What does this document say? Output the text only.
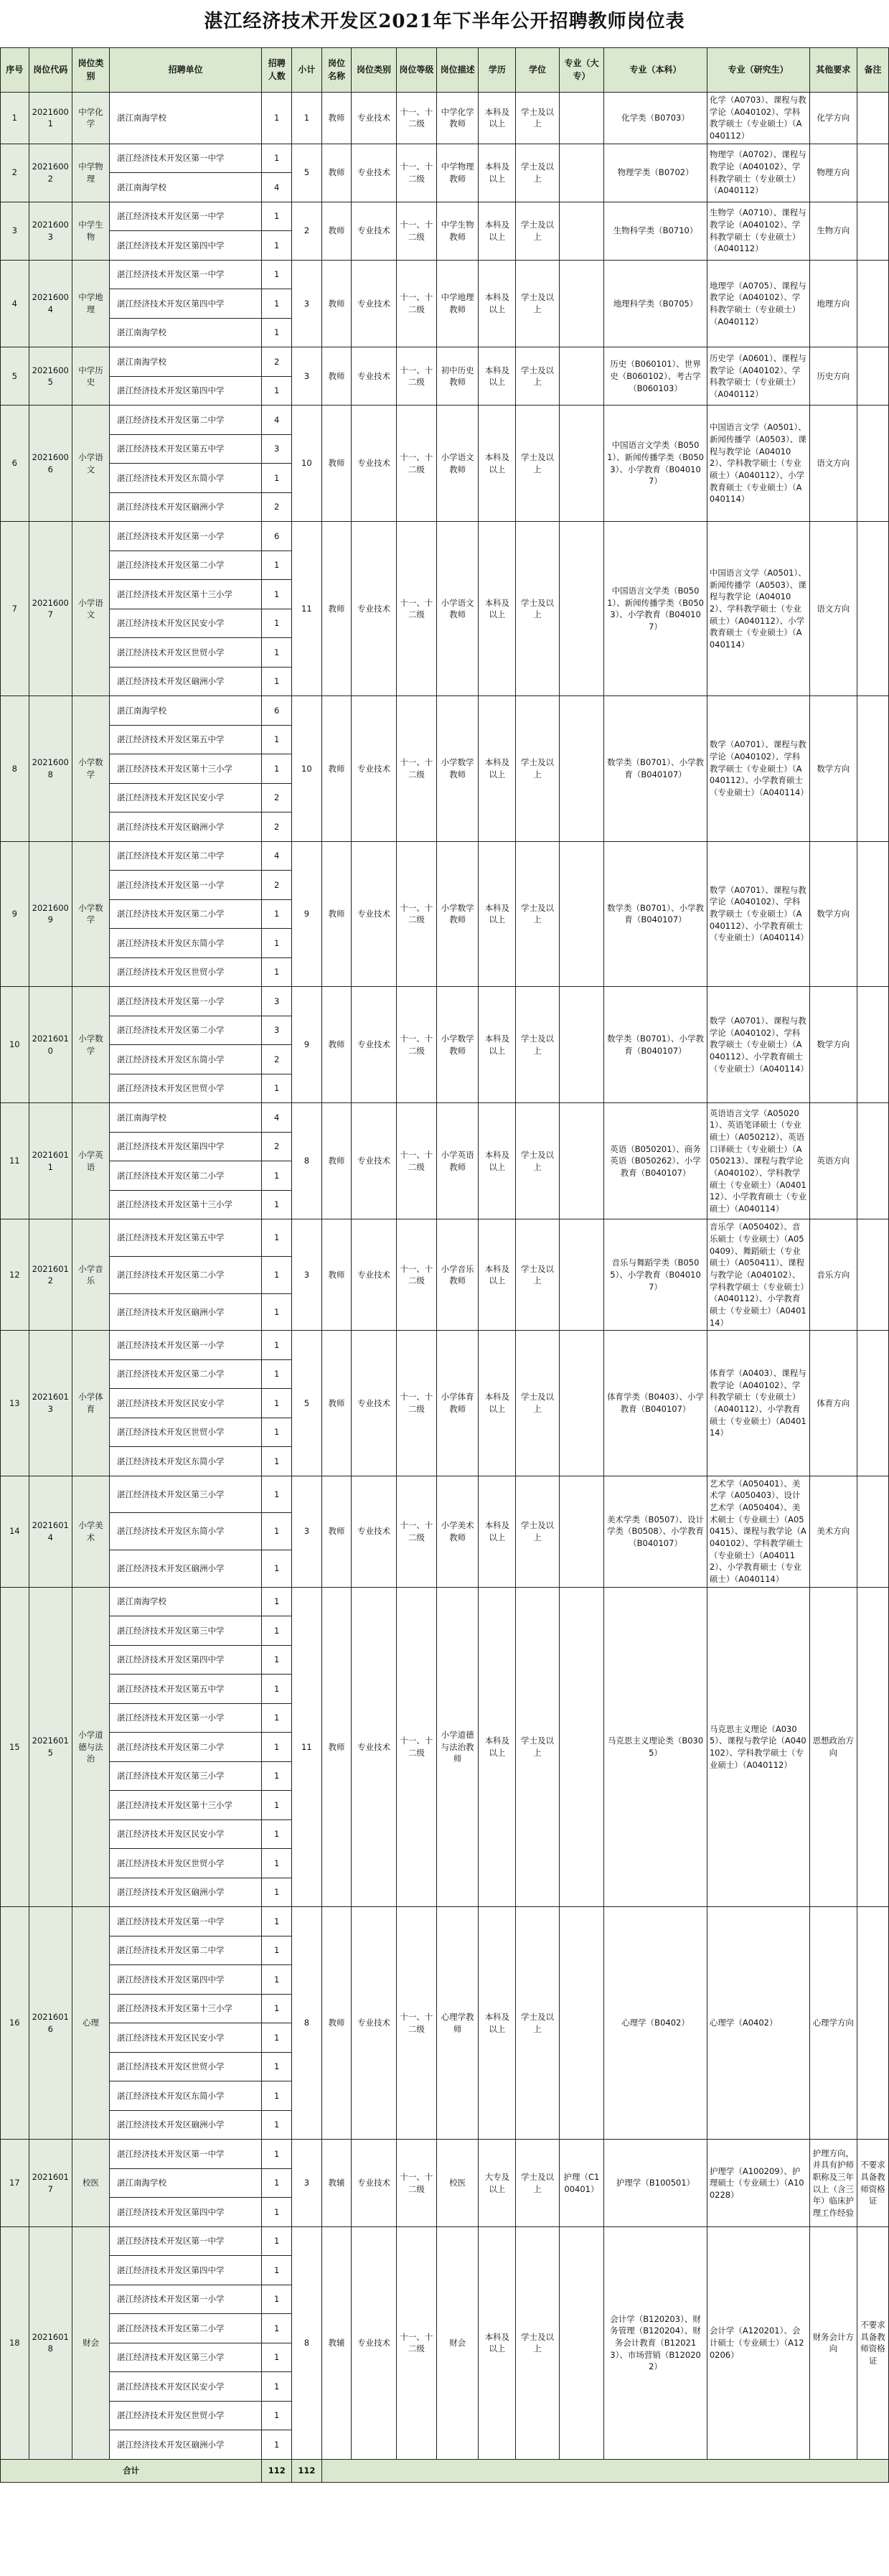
湛江经济技术开发区2021年下半年公开招聘教师岗位表
序号	岗位代码	岗位类别	招聘单位	招聘人数	小计	岗位名称	岗位类别	岗位等级	岗位描述	学历	学位	专业（大专）	专业（本科）	专业（研究生）	其他要求	备注
1	20216001	中学化学	湛江南海学校	1	1	教师	专业技术	十一、十二级	中学化学教师	本科及以上	学士及以上		化学类（B0703）	化学（A0703）、课程与教学论（A040102）、学科教学硕士（专业硕士）（A040112）	化学方向	
2	20216002	中学物理	湛江经济技术开发区第一中学	1	5	教师	专业技术	十一、十二级	中学物理教师	本科及以上	学士及以上		物理学类（B0702）	物理学（A0702）、课程与教学论（A040102）、学科教学硕士（专业硕士）（A040112）	物理方向	
			湛江南海学校	4												
3	20216003	中学生物	湛江经济技术开发区第一中学	1	2	教师	专业技术	十一、十二级	中学生物教师	本科及以上	学士及以上		生物科学类（B0710）	生物学（A0710）、课程与教学论（A040102）、学科教学硕士（专业硕士）（A040112）	生物方向	
			湛江经济技术开发区第四中学	1												
4	20216004	中学地理	湛江经济技术开发区第一中学	1	3	教师	专业技术	十一、十二级	中学地理教师	本科及以上	学士及以上		地理科学类（B0705）	地理学（A0705）、课程与教学论（A040102）、学科教学硕士（专业硕士）（A040112）	地理方向	
			湛江经济技术开发区第四中学	1												
			湛江南海学校	1												
5	20216005	中学历史	湛江南海学校	2	3	教师	专业技术	十一、十二级	初中历史教师	本科及以上	学士及以上		历史（B060101）、世界史（B060102）、考古学（B060103）	历史学（A0601）、课程与教学论（A040102）、学科教学硕士（专业硕士）（A040112）	历史方向	
			湛江经济技术开发区第四中学	1												
6	20216006	小学语文	湛江经济技术开发区第二中学	4	10	教师	专业技术	十一、十二级	小学语文教师	本科及以上	学士及以上		中国语言文学类（B0501）、新闻传播学类（B0503）、小学教育（B040107）	中国语言文学（A0501）、新闻传播学（A0503）、课程与教学论（A040102）、学科教学硕士（专业硕士）（A040112）、小学教育硕士（专业硕士）（A040114）	语文方向	
			湛江经济技术开发区第五中学	3												
			湛江经济技术开发区东简小学	1												
			湛江经济技术开发区硇洲小学	2												
7	20216007	小学语文	湛江经济技术开发区第一小学	6	11	教师	专业技术	十一、十二级	小学语文教师	本科及以上	学士及以上		中国语言文学类（B0501）、新闻传播学类（B0503）、小学教育（B040107）	中国语言文学（A0501）、新闻传播学（A0503）、课程与教学论（A040102）、学科教学硕士（专业硕士）（A040112）、小学教育硕士（专业硕士）（A040114）	语文方向	
			湛江经济技术开发区第二小学	1												
			湛江经济技术开发区第十三小学	1												
			湛江经济技术开发区民安小学	1												
			湛江经济技术开发区世贸小学	1												
			湛江经济技术开发区硇洲小学	1												
8	20216008	小学数学	湛江南海学校	6	10	教师	专业技术	十一、十二级	小学数学教师	本科及以上	学士及以上		数学类（B0701）、小学教育（B040107）	数学（A0701）、课程与教学论（A040102）、学科教学硕士（专业硕士）（A040112）、小学教育硕士（专业硕士）（A040114）	数学方向	
			湛江经济技术开发区第五中学	1												
			湛江经济技术开发区第十三小学	1												
			湛江经济技术开发区民安小学	2												
			湛江经济技术开发区硇洲小学	2												
9	20216009	小学数学	湛江经济技术开发区第二中学	4	9	教师	专业技术	十一、十二级	小学数学教师	本科及以上	学士及以上		数学类（B0701）、小学教育（B040107）	数学（A0701）、课程与教学论（A040102）、学科教学硕士（专业硕士）（A040112）、小学教育硕士（专业硕士）（A040114）	数学方向	
			湛江经济技术开发区第一小学	2												
			湛江经济技术开发区第二小学	1												
			湛江经济技术开发区东简小学	1												
			湛江经济技术开发区世贸小学	1												
10	20216010	小学数学	湛江经济技术开发区第一小学	3	9	教师	专业技术	十一、十二级	小学数学教师	本科及以上	学士及以上		数学类（B0701）、小学教育（B040107）	数学（A0701）、课程与教学论（A040102）、学科教学硕士（专业硕士）（A040112）、小学教育硕士（专业硕士）（A040114）	数学方向	
			湛江经济技术开发区第二小学	3												
			湛江经济技术开发区东简小学	2												
			湛江经济技术开发区世贸小学	1												
11	20216011	小学英语	湛江南海学校	4	8	教师	专业技术	十一、十二级	小学英语教师	本科及以上	学士及以上		英语（B050201）、商务英语（B050262）、小学教育（B040107）	英语语言文学（A050201）、英语笔译硕士（专业硕士）（A050212）、英语口译硕士（专业硕士）（A050213）、课程与教学论（A040102）、学科教学硕士（专业硕士）（A040112）、小学教育硕士（专业硕士）（A040114）	英语方向	
			湛江经济技术开发区第四中学	2												
			湛江经济技术开发区第二小学	1												
			湛江经济技术开发区第十三小学	1												
12	20216012	小学音乐	湛江经济技术开发区第五中学	1	3	教师	专业技术	十一、十二级	小学音乐教师	本科及以上	学士及以上		音乐与舞蹈学类（B0505）、小学教育（B040107）	音乐学（A050402）、音乐硕士（专业硕士）（A050409）、舞蹈硕士（专业硕士）（A050411）、课程与教学论（A040102）、学科教学硕士（专业硕士）（A040112）、小学教育硕士（专业硕士）（A040114）	音乐方向	
			湛江经济技术开发区第二小学	1												
			湛江经济技术开发区硇洲小学	1												
13	20216013	小学体育	湛江经济技术开发区第一小学	1	5	教师	专业技术	十一、十二级	小学体育教师	本科及以上	学士及以上		体育学类（B0403）、小学教育（B040107）	体育学（A0403）、课程与教学论（A040102）、学科教学硕士（专业硕士）（A040112）、小学教育硕士（专业硕士）（A040114）	体育方向	
			湛江经济技术开发区第二小学	1												
			湛江经济技术开发区民安小学	1												
			湛江经济技术开发区世贸小学	1												
			湛江经济技术开发区东简小学	1												
14	20216014	小学美术	湛江经济技术开发区第三小学	1	3	教师	专业技术	十一、十二级	小学美术教师	本科及以上	学士及以上		美术学类（B0507）、设计学类（B0508）、小学教育（B040107）	艺术学（A050401）、美术学（A050403）、设计艺术学（A050404）、美术硕士（专业硕士）（A050415）、课程与教学论（A040102）、学科教学硕士（专业硕士）（A040112）、小学教育硕士（专业硕士）（A040114）	美术方向	
			湛江经济技术开发区东简小学	1												
			湛江经济技术开发区硇洲小学	1												
15	20216015	小学道德与法治	湛江南海学校	1	11	教师	专业技术	十一、十二级	小学道德与法治教师	本科及以上	学士及以上		马克思主义理论类（B0305）	马克思主义理论（A0305）、课程与教学论（A040102）、学科教学硕士（专业硕士）（A040112）	思想政治方向	
			湛江经济技术开发区第三中学	1												
			湛江经济技术开发区第四中学	1												
			湛江经济技术开发区第五中学	1												
			湛江经济技术开发区第一小学	1												
			湛江经济技术开发区第二小学	1												
			湛江经济技术开发区第三小学	1												
			湛江经济技术开发区第十三小学	1												
			湛江经济技术开发区民安小学	1												
			湛江经济技术开发区世贸小学	1												
			湛江经济技术开发区硇洲小学	1												
16	20216016	心理	湛江经济技术开发区第一中学	1	8	教师	专业技术	十一、十二级	心理学教师	本科及以上	学士及以上		心理学（B0402）	心理学（A0402）	心理学方向	
			湛江经济技术开发区第二中学	1												
			湛江经济技术开发区第四中学	1												
			湛江经济技术开发区第十三小学	1												
			湛江经济技术开发区民安小学	1												
			湛江经济技术开发区世贸小学	1												
			湛江经济技术开发区东简小学	1												
			湛江经济技术开发区硇洲小学	1												
17	20216017	校医	湛江经济技术开发区第一中学	1	3	教辅	专业技术	十一、十二级	校医	大专及以上	学士及以上	护理（C100401）	护理学（B100501）	护理学（A100209）、护理硕士（专业硕士）（A100228）	护理方向，并具有护师职称及三年以上（含三年）临床护理工作经验	不要求具备教师资格证
			湛江南海学校	1												
			湛江经济技术开发区第四中学	1												
18	20216018	财会	湛江经济技术开发区第一中学	1	8	教辅	专业技术	十一、十二级	财会	本科及以上	学士及以上		会计学（B120203）、财务管理（B120204）、财务会计教育（B120213）、市场营销（B120202）	会计学（A120201）、会计硕士（专业硕士）（A120206）	财务会计方向	不要求具备教师资格证
			湛江经济技术开发区第四中学	1												
			湛江经济技术开发区第一小学	1												
			湛江经济技术开发区第二小学	1												
			湛江经济技术开发区第三小学	1												
			湛江经济技术开发区民安小学	1												
			湛江经济技术开发区世贸小学	1												
			湛江经济技术开发区硇洲小学	1												
合计				112	112											
